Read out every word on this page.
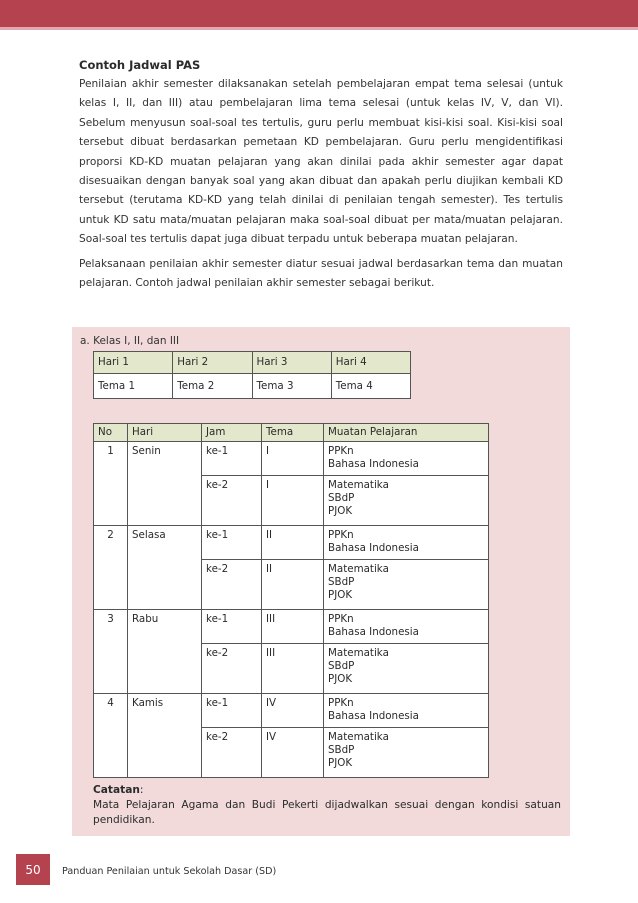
Contoh Jadwal PAS

Penilaian akhir semester dilaksanakan setelah pembelajaran empat tema selesai (untuk kelas I, II, dan III) atau pembelajaran lima tema selesai (untuk kelas IV, V, dan VI). Sebelum menyusun soal-soal tes tertulis, guru perlu membuat kisi-kisi soal. Kisi-kisi soal tersebut dibuat berdasarkan pemetaan KD pembelajaran. Guru perlu mengidentifikasi proporsi KD-KD muatan pelajaran yang akan dinilai pada akhir semester agar dapat disesuaikan dengan banyak soal yang akan dibuat dan apakah perlu diujikan kembali KD tersebut (terutama KD-KD yang telah dinilai di penilaian tengah semester). Tes tertulis untuk KD satu mata/muatan pelajaran maka soal-soal dibuat per mata/muatan pelajaran. Soal-soal tes tertulis dapat juga dibuat terpadu untuk beberapa muatan pelajaran.

Pelaksanaan penilaian akhir semester diatur sesuai jadwal berdasarkan tema dan muatan pelajaran. Contoh jadwal penilaian akhir semester sebagai berikut.

a. Kelas I, II, dan III
Hari 1	Hari 2	Hari 3	Hari 4
Tema 1	Tema 2	Tema 3	Tema 4
No	Hari	Jam	Tema	Muatan Pelajaran
1	Senin	ke-1	I	PPKn
Bahasa Indonesia

		ke-2	I	Matematika
SBdP
PJOK

2	Selasa	ke-1	II	PPKn
Bahasa Indonesia

		ke-2	II	Matematika
SBdP
PJOK

3	Rabu	ke-1	III	PPKn
Bahasa Indonesia

		ke-2	III	Matematika
SBdP
PJOK

4	Kamis	ke-1	IV	PPKn
Bahasa Indonesia

		ke-2	IV	Matematika
SBdP
PJOK
Catatan:
Mata Pelajaran Agama dan Budi Pekerti dijadwalkan sesuai dengan kondisi satuan pendidikan.
50	Panduan Penilaian untuk Sekolah Dasar (SD)
